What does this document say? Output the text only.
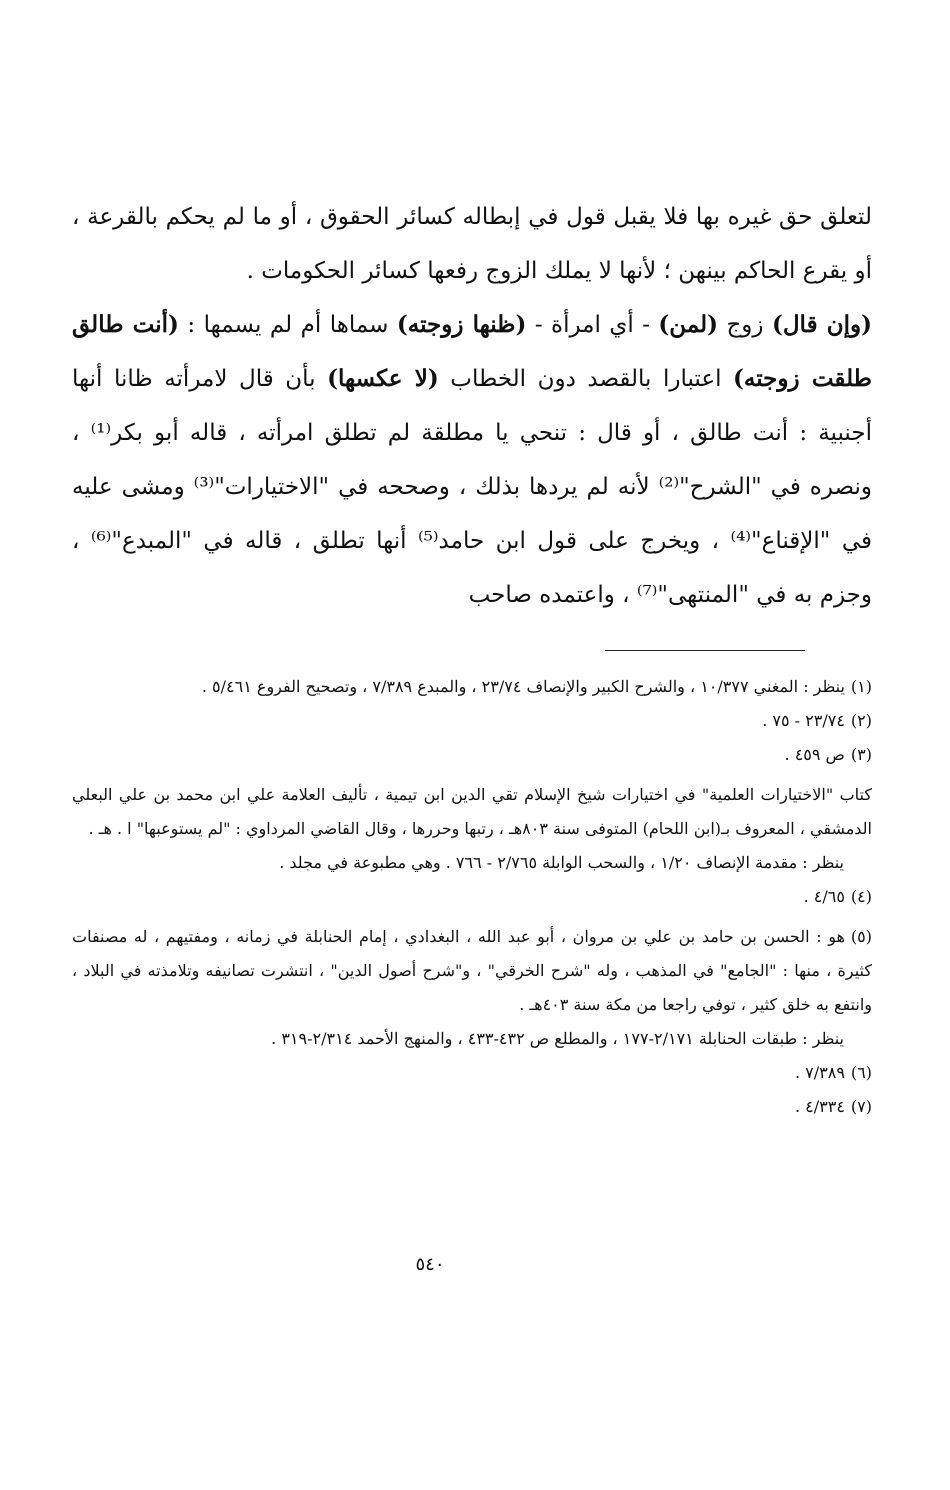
لتعلق حق غيره بها فلا يقبل قول في إبطاله كسائر الحقوق ، أو ما لم يحكم بالقرعة ، أو يقرع الحاكم بينهن ؛ لأنها لا يملك الزوج رفعها كسائر الحكومات .

(وإن قال) زوج (لمن) - أي امرأة - (ظنها زوجته) سماها أم لم يسمها : (أنت طالق طلقت زوجته) اعتبارا بالقصد دون الخطاب (لا عكسها) بأن قال لامرأته ظانا أنها أجنبية : أنت طالق ، أو قال : تنحي يا مطلقة لم تطلق امرأته ، قاله أبو بكر⁽¹⁾ ، ونصره في "الشرح"⁽²⁾ لأنه لم يردها بذلك ، وصححه في "الاختيارات"⁽³⁾ ومشى عليه في "الإقناع"⁽⁴⁾ ، ويخرج على قول ابن حامد⁽⁵⁾ أنها تطلق ، قاله في "المبدع"⁽⁶⁾ ، وجزم به في "المنتهى"⁽⁷⁾ ، واعتمده صاحب

(١)ينظر : المغني ١٠/٣٧٧ ، والشرح الكبير والإنصاف ٢٣/٧٤ ، والمبدع ٧/٣٨٩ ، وتصحيح الفروع ٥/٤٦١ .

(٢)٢٣/٧٤ - ٧٥ .

(٣)ص ٤٥٩ .

كتاب "الاختيارات العلمية" في اختيارات شيخ الإسلام تقي الدين ابن تيمية ، تأليف العلامة علي ابن محمد بن علي البعلي الدمشقي ، المعروف بـ(ابن اللحام) المتوفى سنة ٨٠٣هـ ، رتبها وحررها ، وقال القاضي المرداوي : "لم يستوعبها" ا . هـ .

ينظر : مقدمة الإنصاف ١/٢٠ ، والسحب الوابلة ٢/٧٦٥ - ٧٦٦ . وهي مطبوعة في مجلد .

(٤)٤/٦٥ .

(٥)هو : الحسن بن حامد بن علي بن مروان ، أبو عبد الله ، البغدادي ، إمام الحنابلة في زمانه ، ومفتيهم ، له مصنفات كثيرة ، منها : "الجامع" في المذهب ، وله "شرح الخرقي" ، و"شرح أصول الدين" ، انتشرت تصانيفه وتلامذته في البلاد ، وانتفع به خلق كثير ، توفي راجعا من مكة سنة ٤٠٣هـ .

ينظر : طبقات الحنابلة ٢/١٧١-١٧٧ ، والمطلع ص ٤٣٢-٤٣٣ ، والمنهج الأحمد ٢/٣١٤-٣١٩ .

(٦)٧/٣٨٩ .

(٧)٤/٣٣٤ .

٥٤٠
